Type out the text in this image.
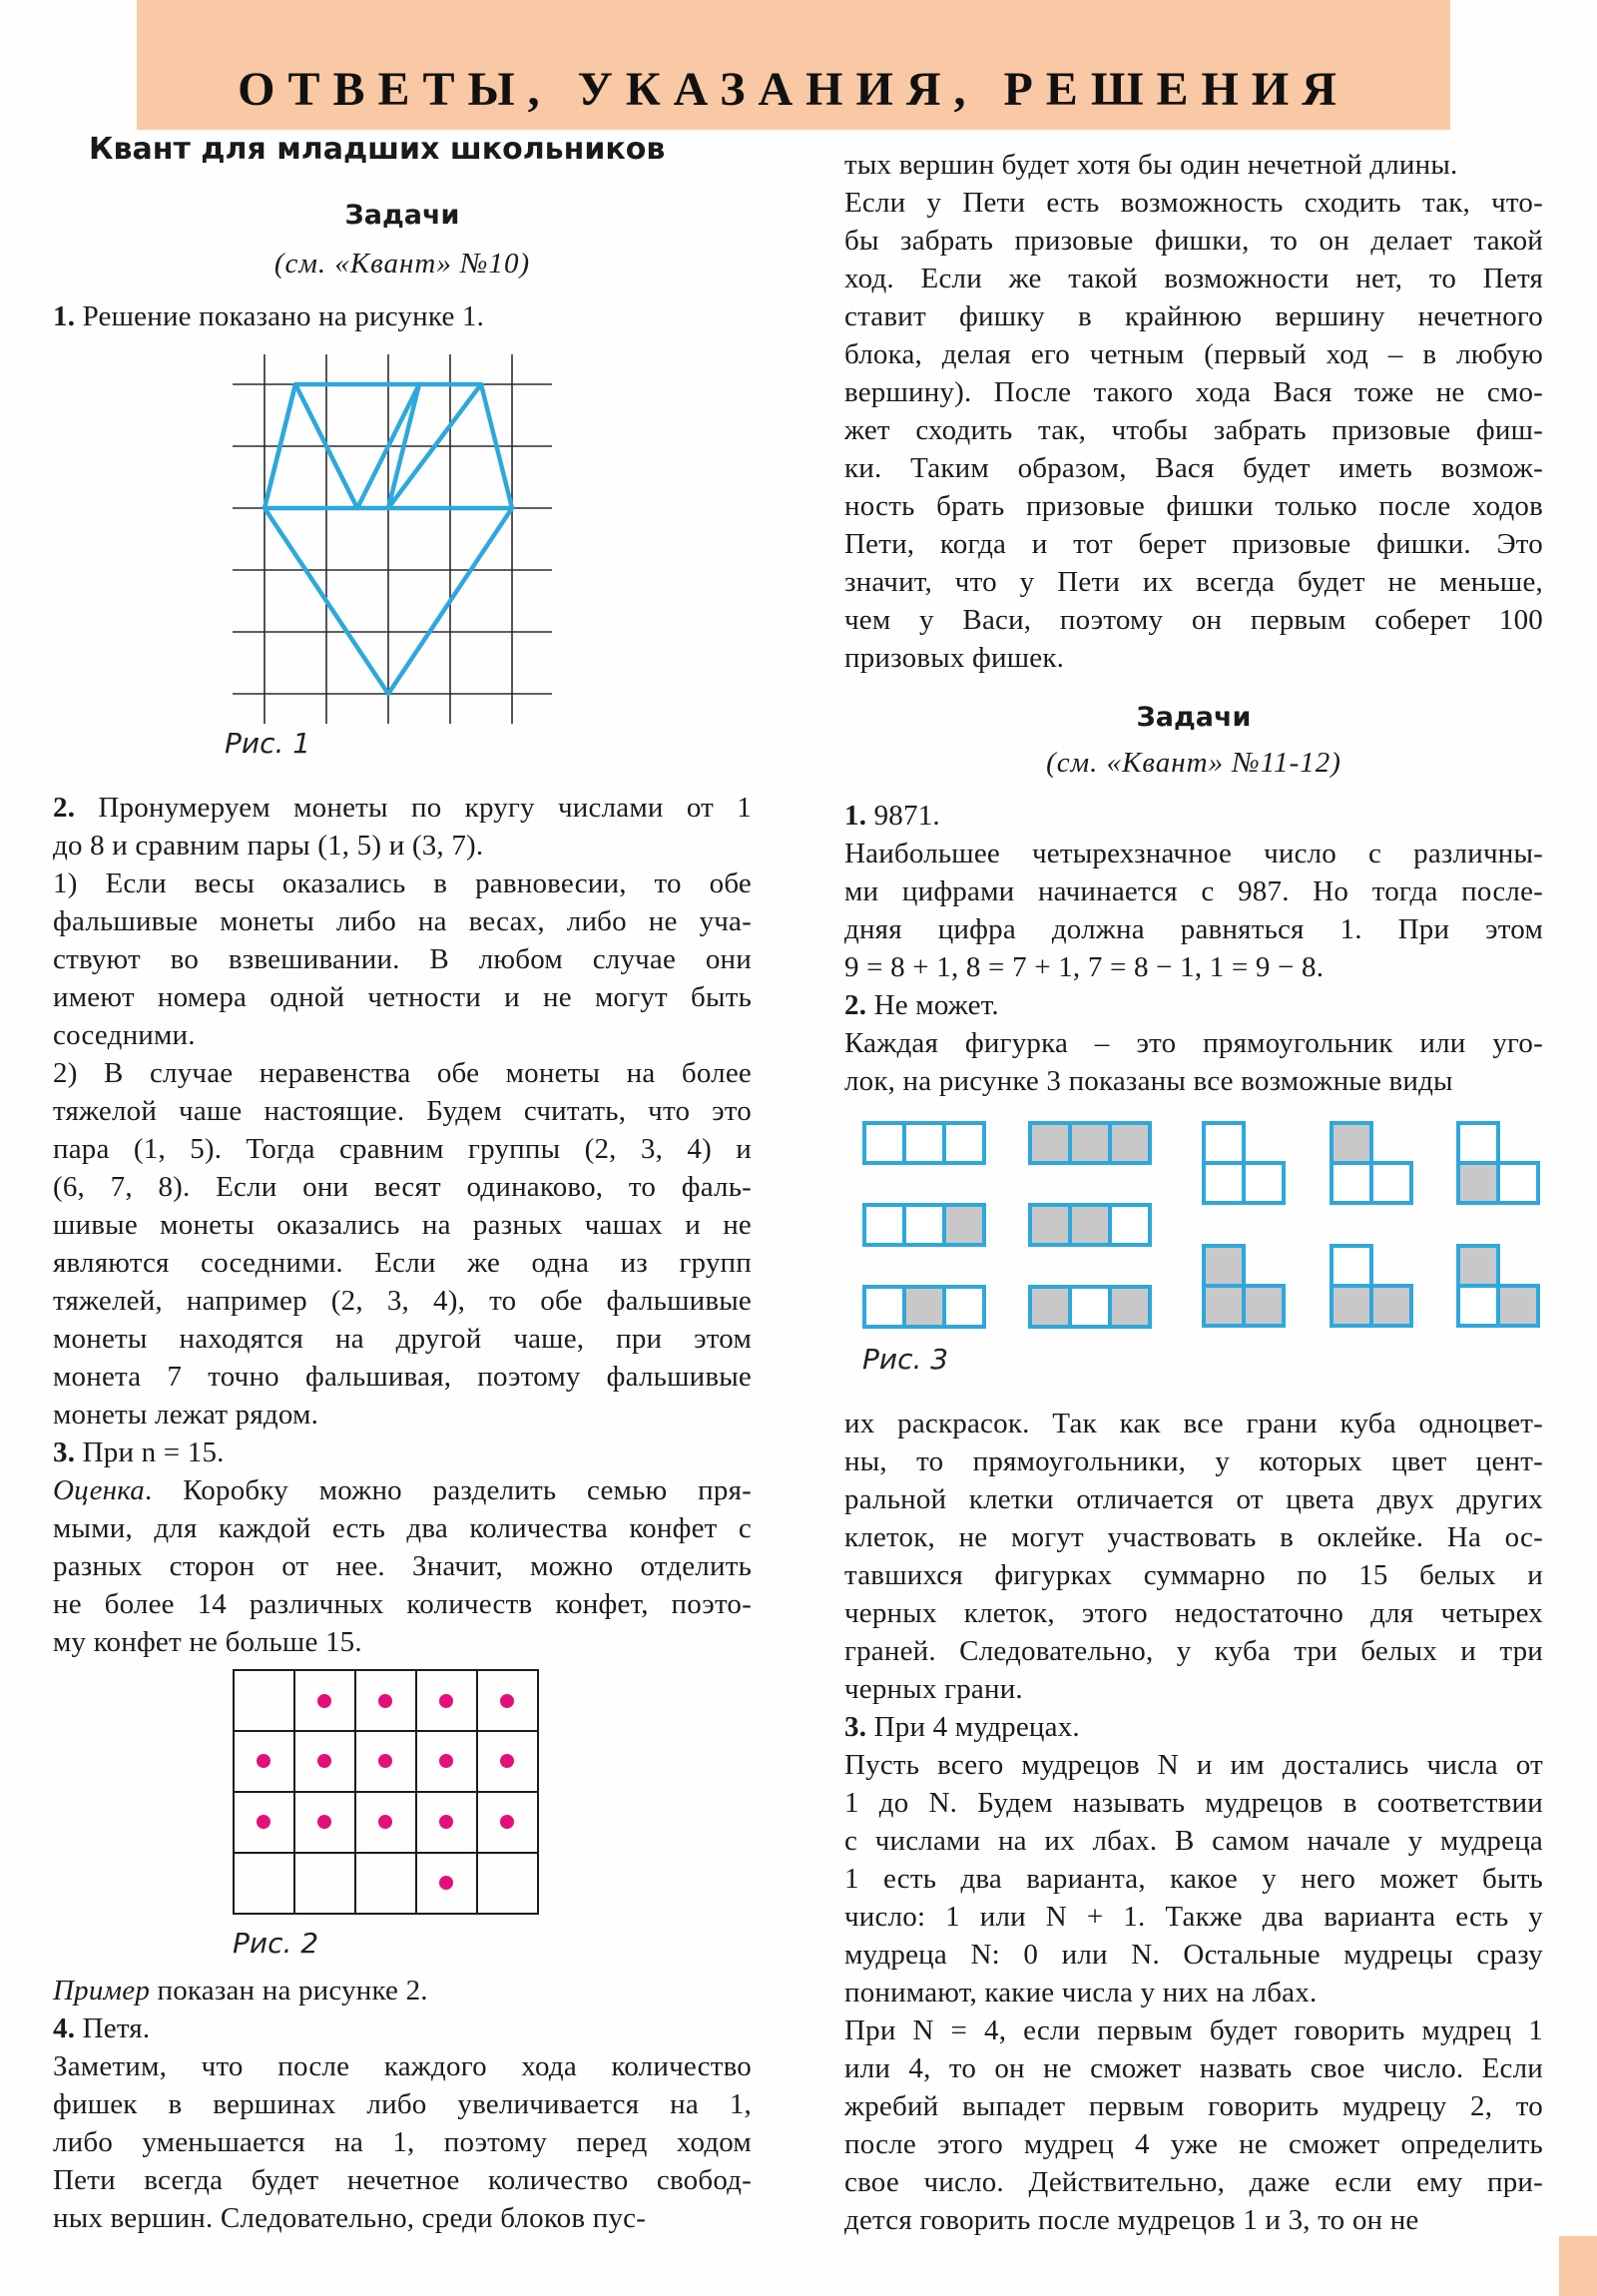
ОТВЕТЫ, УКАЗАНИЯ, РЕШЕНИЯ
Квант для младших школьников
Задачи

(см. «Квант» №10)

1. Решение показано на рисунке 1.

Рис. 1

2. Пронумеруем монеты по кругу числами от 1
до 8 и сравним пары (1, 5) и (3, 7).
1) Если весы оказались в равновесии, то обе
фальшивые монеты либо на весах, либо не уча-
ствуют во взвешивании. В любом случае они
имеют номера одной четности и не могут быть
соседними.
2) В случае неравенства обе монеты на более
тяжелой чаше настоящие. Будем считать, что это
пара (1, 5). Тогда сравним группы (2, 3, 4) и
(6, 7, 8). Если они весят одинаково, то фаль-
шивые монеты оказались на разных чашах и не
являются соседними. Если же одна из групп
тяжелей, например (2, 3, 4), то обе фальшивые
монеты находятся на другой чаше, при этом
монета 7 точно фальшивая, поэтому фальшивые
монеты лежат рядом.
3. При n = 15.
Оценка. Коробку можно разделить семью пря-
мыми, для каждой есть два количества конфет с
разных сторон от нее. Значит, можно отделить
не более 14 различных количеств конфет, поэто-
му конфет не больше 15.

Рис. 2

Пример показан на рисунке 2.
4. Петя.
Заметим, что после каждого хода количество
фишек в вершинах либо увеличивается на 1,
либо уменьшается на 1, поэтому перед ходом
Пети всегда будет нечетное количество свобод-
ных вершин. Следовательно, среди блоков пус-
тых вершин будет хотя бы один нечетной длины.
Если у Пети есть возможность сходить так, что-
бы забрать призовые фишки, то он делает такой
ход. Если же такой возможности нет, то Петя
ставит фишку в крайнюю вершину нечетного
блока, делая его четным (первый ход – в любую
вершину). После такого хода Вася тоже не смо-
жет сходить так, чтобы забрать призовые фиш-
ки. Таким образом, Вася будет иметь возмож-
ность брать призовые фишки только после ходов
Пети, когда и тот берет призовые фишки. Это
значит, что у Пети их всегда будет не меньше,
чем у Васи, поэтому он первым соберет 100
призовых фишек.
Задачи

(см. «Квант» №11-12)

1. 9871.
Наибольшее четырехзначное число с различны-
ми цифрами начинается с 987. Но тогда после-
дняя цифра должна равняться 1. При этом
9 = 8 + 1, 8 = 7 + 1, 7 = 8 − 1, 1 = 9 − 8.
2. Не может.
Каждая фигурка – это прямоугольник или уго-
лок, на рисунке 3 показаны все возможные виды

Рис. 3

их раскрасок. Так как все грани куба одноцвет-
ны, то прямоугольники, у которых цвет цент-
ральной клетки отличается от цвета двух других
клеток, не могут участвовать в оклейке. На ос-
тавшихся фигурках суммарно по 15 белых и
черных клеток, этого недостаточно для четырех
граней. Следовательно, у куба три белых и три
черных грани.
3. При 4 мудрецах.
Пусть всего мудрецов N и им достались числа от
1 до N. Будем называть мудрецов в соответствии
с числами на их лбах. В самом начале у мудреца
1 есть два варианта, какое у него может быть
число: 1 или N + 1. Также два варианта есть у
мудреца N: 0 или N. Остальные мудрецы сразу
понимают, какие числа у них на лбах.
При N = 4, если первым будет говорить мудрец 1
или 4, то он не сможет назвать свое число. Если
жребий выпадет первым говорить мудрецу 2, то
после этого мудрец 4 уже не сможет определить
свое число. Действительно, даже если ему при-
дется говорить после мудрецов 1 и 3, то он не
